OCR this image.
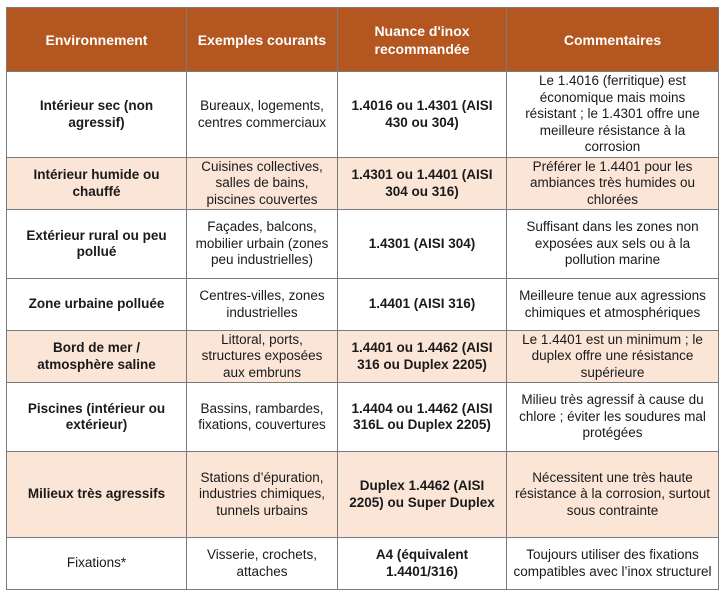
Environnement	Exemples courants	Nuance d'inox recommandée	Commentaires
Intérieur sec (non agressif)	Bureaux, logements, centres commerciaux	1.4016 ou 1.4301 (AISI 430 ou 304)	Le 1.4016 (ferritique) est économique mais moins résistant ; le 1.4301 offre une meilleure résistance à la corrosion
Intérieur humide ou chauffé	Cuisines collectives, salles de bains, piscines couvertes	1.4301 ou 1.4401 (AISI 304 ou 316)	Préférer le 1.4401 pour les ambiances très humides ou chlorées
Extérieur rural ou peu pollué	Façades, balcons, mobilier urbain (zones peu industrielles)	1.4301 (AISI 304)	Suffisant dans les zones non exposées aux sels ou à la pollution marine
Zone urbaine polluée	Centres-villes, zones industrielles	1.4401 (AISI 316)	Meilleure tenue aux agressions chimiques et atmosphériques
Bord de mer / atmosphère saline	Littoral, ports, structures exposées aux embruns	1.4401 ou 1.4462 (AISI 316 ou Duplex 2205)	Le 1.4401 est un minimum ; le duplex offre une résistance supérieure
Piscines (intérieur ou extérieur)	Bassins, rambardes, fixations, couvertures	1.4404 ou 1.4462 (AISI 316L ou Duplex 2205)	Milieu très agressif à cause du chlore ; éviter les soudures mal protégées
Milieux très agressifs	Stations d’épuration, industries chimiques, tunnels urbains	Duplex 1.4462 (AISI 2205) ou Super Duplex	Nécessitent une très haute résistance à la corrosion, surtout sous contrainte
Fixations*	Visserie, crochets, attaches	A4 (équivalent 1.4401/316)	Toujours utiliser des fixations compatibles avec l’inox structurel
